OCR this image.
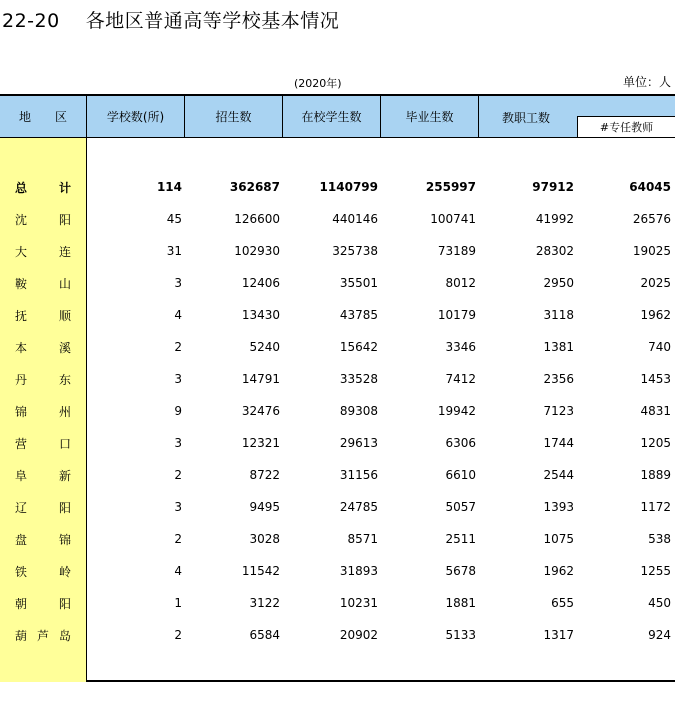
22-20 各地区普通高等学校基本情况
(2020年)	单位：人
地　　区	学校数(所)	招生数	在校学生数	毕业生数	教职工数
#专任教师
总	计	114	362687	1140799	255997	97912	64045
沈	阳	45	126600	440146	100741	41992	26576
大	连	31	102930	325738	73189	28302	19025
鞍	山	3	12406	35501	8012	2950	2025
抚	顺	4	13430	43785	10179	3118	1962
本	溪	2	5240	15642	3346	1381	740
丹	东	3	14791	33528	7412	2356	1453
锦	州	9	32476	89308	19942	7123	4831
营	口	3	12321	29613	6306	1744	1205
阜	新	2	8722	31156	6610	2544	1889
辽	阳	3	9495	24785	5057	1393	1172
盘	锦	2	3028	8571	2511	1075	538
铁	岭	4	11542	31893	5678	1962	1255
朝	阳	1	3122	10231	1881	655	450
葫 芦 岛	2	6584	20902	5133	1317	924
